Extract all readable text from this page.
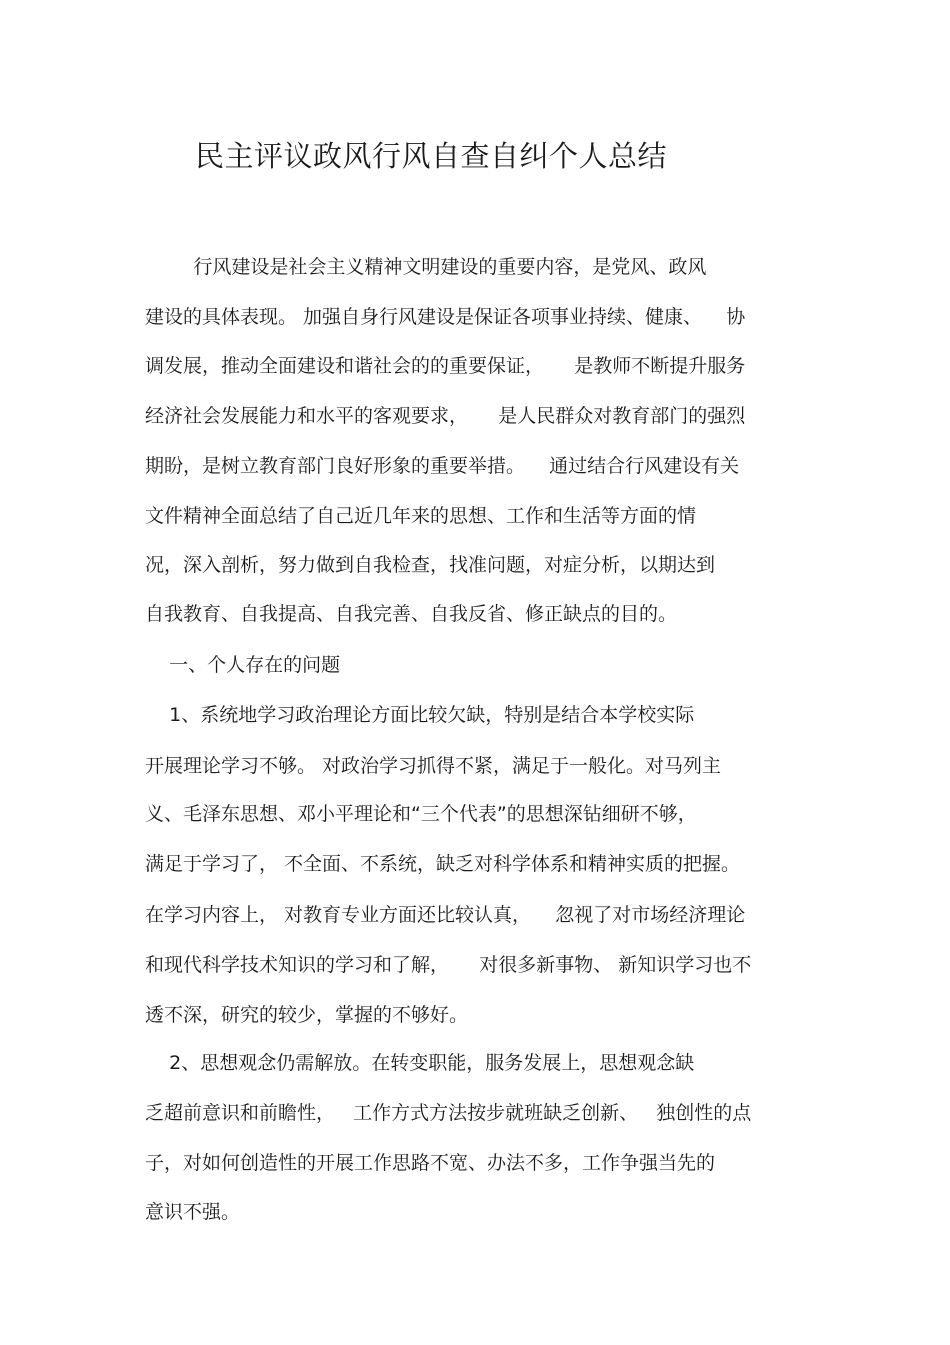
民主评议政风行风自查自纠个人总结
行风建设是社会主义精神文明建设的重要内容，是党风、政风
建设的具体表现。 加强自身行风建设是保证各项事业持续、健康、    协
调发展，推动全面建设和谐社会的的重要保证，     是教师不断提升服务
经济社会发展能力和水平的客观要求，     是人民群众对教育部门的强烈
期盼，是树立教育部门良好形象的重要举措。    通过结合行风建设有关
文件精神全面总结了自己近几年来的思想、工作和生活等方面的情
况，深入剖析，努力做到自我检查，找准问题，对症分析，以期达到
自我教育、自我提高、自我完善、自我反省、修正缺点的目的。
一、个人存在的问题
1、系统地学习政治理论方面比较欠缺，特别是结合本学校实际
开展理论学习不够。 对政治学习抓得不紧，满足于一般化。对马列主
义、毛泽东思想、邓小平理论和“三个代表”的思想深钻细研不够，
满足于学习了， 不全面、不系统，缺乏对科学体系和精神实质的把握。
在学习内容上， 对教育专业方面还比较认真，    忽视了对市场经济理论
和现代科学技术知识的学习和了解，     对很多新事物、 新知识学习也不
透不深，研究的较少，掌握的不够好。
2、思想观念仍需解放。在转变职能，服务发展上，思想观念缺
乏超前意识和前瞻性，   工作方式方法按步就班缺乏创新、   独创性的点
子，对如何创造性的开展工作思路不宽、办法不多，工作争强当先的
意识不强。
